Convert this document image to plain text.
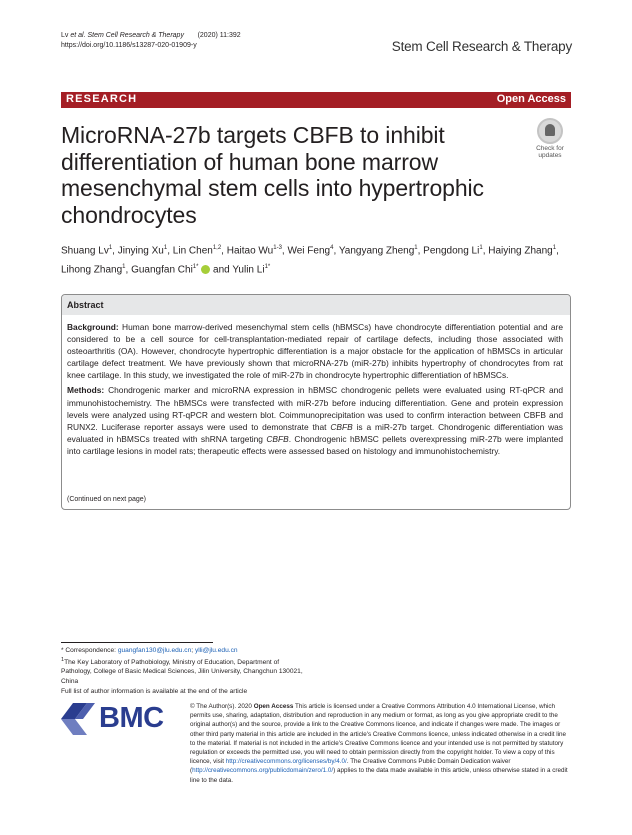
Lv et al. Stem Cell Research & Therapy (2020) 11:392
https://doi.org/10.1186/s13287-020-01909-y	Stem Cell Research & Therapy
RESEARCH	Open Access
MicroRNA-27b targets CBFB to inhibit differentiation of human bone marrow mesenchymal stem cells into hypertrophic chondrocytes
Check for
updates
Shuang Lv$^1$, Jinying Xu$^1$, Lin Chen$^{1,2}$, Haitao Wu$^{1-3}$, Wei Feng$^4$, Yangyang Zheng$^1$, Pengdong Li$^1$, Haiying Zhang$^1$, Lihong Zhang$^1$, Guangfan Chi$^{1*}$  and Yulin $Li^{1*}$
Abstract

Background: Human bone marrow-derived mesenchymal stem cells (hBMSCs) have chondrocyte differentiation potential and are considered to be a cell source for cell-transplantation-mediated repair of cartilage defects, including those associated with osteoarthritis (OA). However, chondrocyte hypertrophic differentiation is a major obstacle for the application of hBMSCs in articular cartilage defect treatment. We have previously shown that microRNA-27b (miR-27b) inhibits hypertrophy of chondrocytes from rat knee cartilage. In this study, we investigated the role of miR-27b in chondrocyte hypertrophic differentiation of hBMSCs.

Methods: Chondrogenic marker and microRNA expression in hBMSC chondrogenic pellets were evaluated using RT-qPCR and immunohistochemistry. The hBMSCs were transfected with miR-27b before inducing differentiation. Gene and protein expression levels were analyzed using RT-qPCR and western blot. Coimmunoprecipitation was used to confirm interaction between CBFB and RUNX2. Luciferase reporter assays were used to demonstrate that CBFB is a miR-27b target. Chondrogenic differentiation was evaluated in hBMSCs treated with shRNA targeting CBFB. Chondrogenic hBMSC pellets overexpressing miR-27b were implanted into cartilage lesions in model rats; therapeutic effects were assessed based on histology and immunohistochemistry.

(Continued on next page)
* Correspondence: guangfan130@jlu.edu.cn; ylli@jlu.edu.cn
$^1$The Key Laboratory of Pathobiology, Ministry of Education, Department of Pathology, College of Basic Medical Sciences, Jilin University, Changchun 130021, China
Full list of author information is available at the end of the article
BMC	© The Author(s). 2020 Open Access This article is licensed under a Creative Commons Attribution 4.0 International License, which permits use, sharing, adaptation, distribution and reproduction in any medium or format, as long as you give appropriate credit to the original author(s) and the source, provide a link to the Creative Commons licence, and indicate if changes were made. The images or other third party material in this article are included in the article's Creative Commons licence, unless indicated otherwise in a credit line to the material. If material is not included in the article's Creative Commons licence and your intended use is not permitted by statutory regulation or exceeds the permitted use, you will need to obtain permission directly from the copyright holder. To view a copy of this licence, visit http://creativecommons.org/licenses/by/4.0/. The Creative Commons Public Domain Dedication waiver (http://creativecommons.org/publicdomain/zero/1.0/) applies to the data made available in this article, unless otherwise stated in a credit line to the data.
